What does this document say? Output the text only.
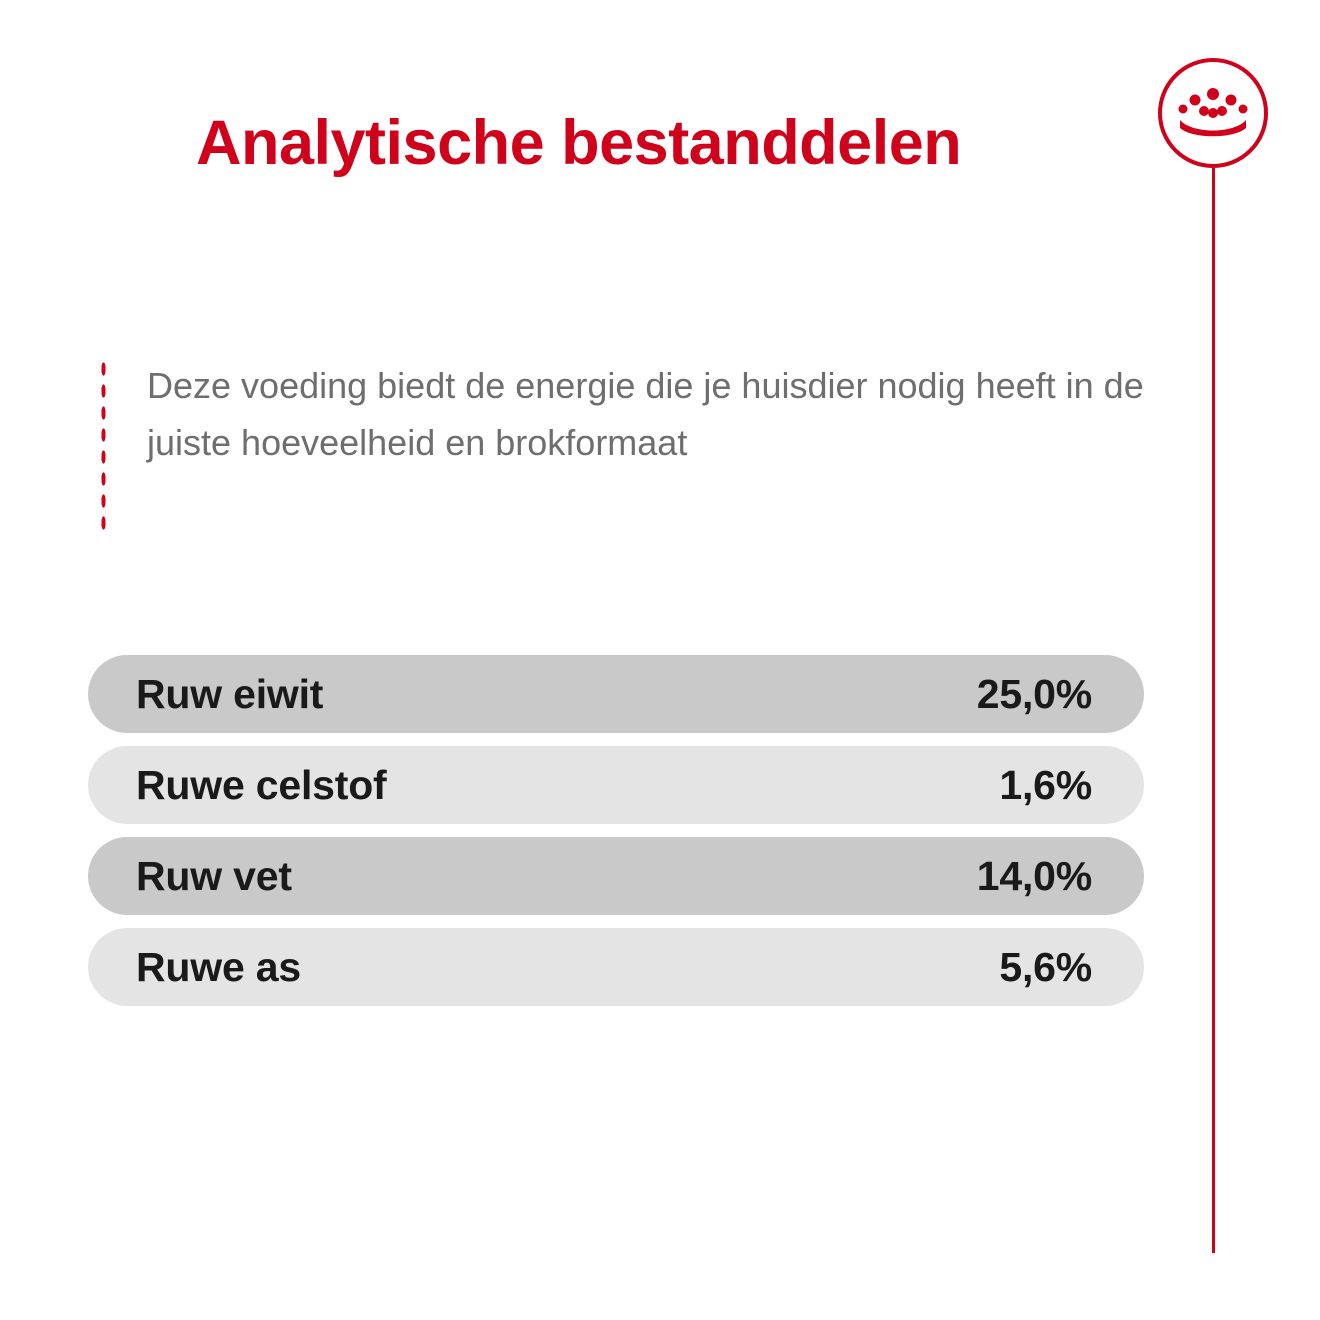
Analytische bestanddelen
Deze voeding biedt de energie die je huisdier nodig heeft in de juiste hoeveelheid en brokformaat
Ruw eiwit	25,0%
Ruwe celstof	1,6%
Ruw vet	14,0%
Ruwe as	5,6%
